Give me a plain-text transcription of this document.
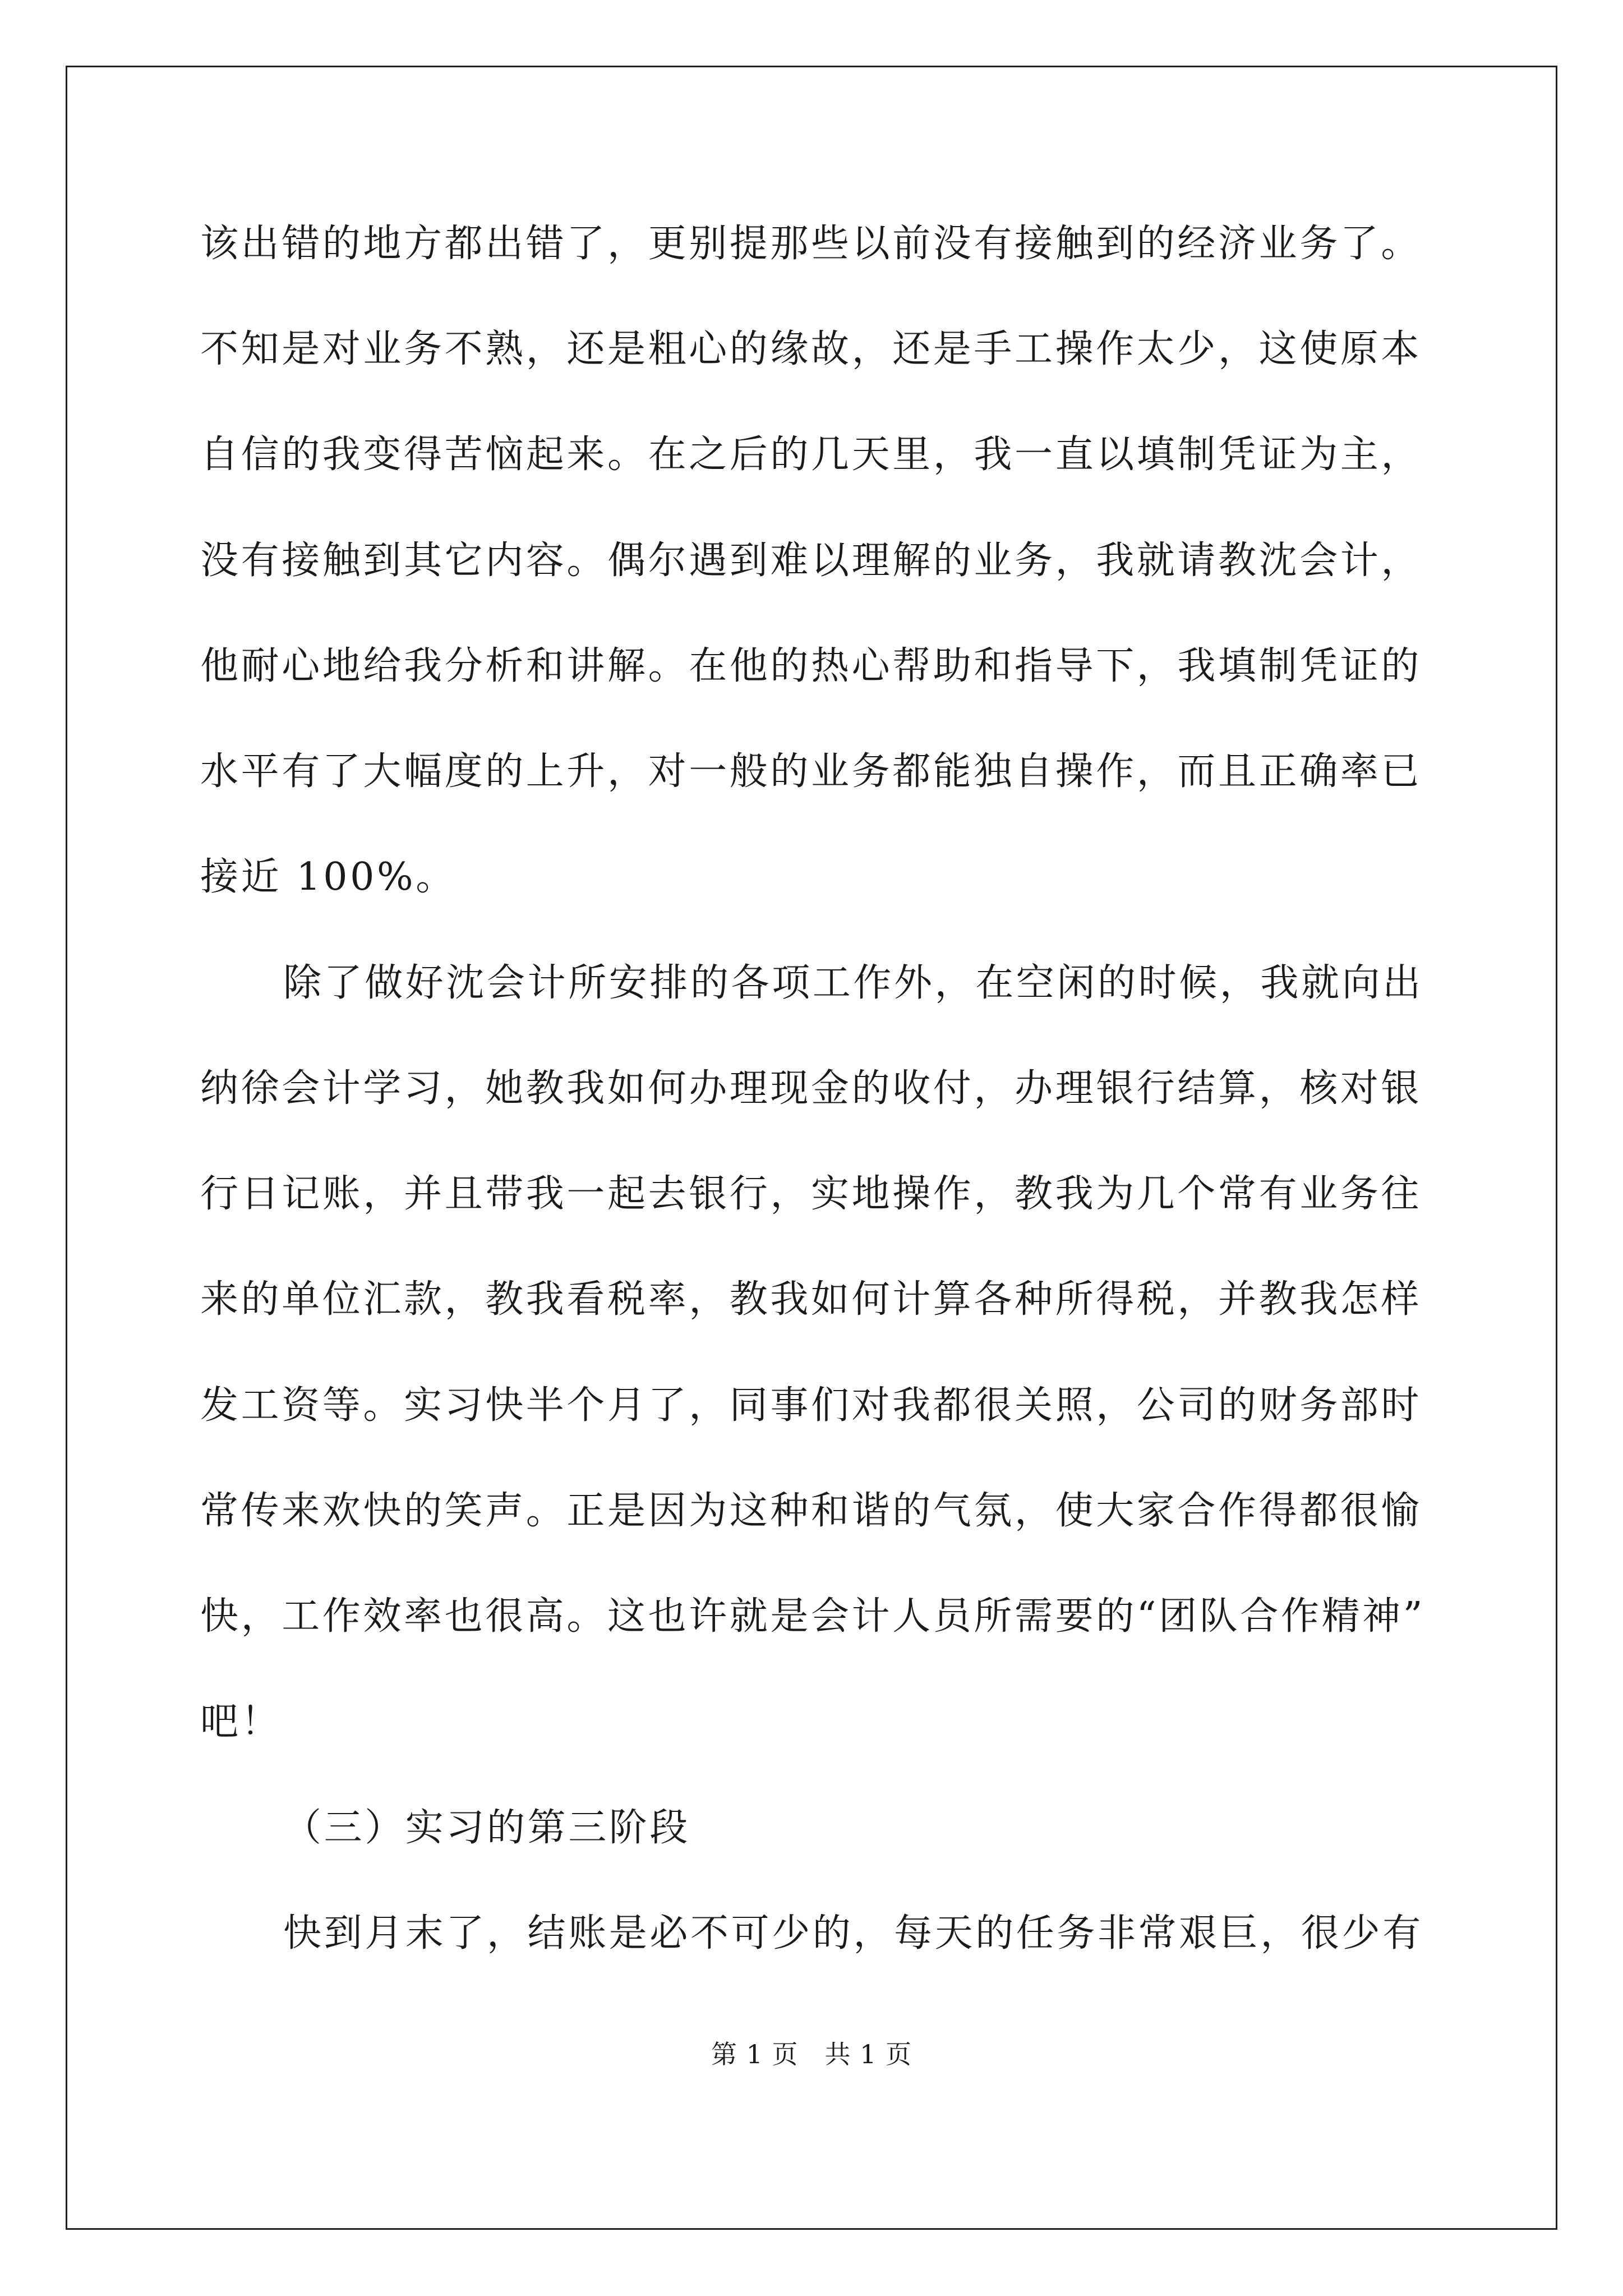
该出错的地方都出错了，更别提那些以前没有接触到的经济业务了。
不知是对业务不熟，还是粗心的缘故，还是手工操作太少，这使原本
自信的我变得苦恼起来。在之后的几天里，我一直以填制凭证为主，
没有接触到其它内容。偶尔遇到难以理解的业务，我就请教沈会计，
他耐心地给我分析和讲解。在他的热心帮助和指导下，我填制凭证的
水平有了大幅度的上升，对一般的业务都能独自操作，而且正确率已
接近 100%。
除了做好沈会计所安排的各项工作外，在空闲的时候，我就向出
纳徐会计学习，她教我如何办理现金的收付，办理银行结算，核对银
行日记账，并且带我一起去银行，实地操作，教我为几个常有业务往
来的单位汇款，教我看税率，教我如何计算各种所得税，并教我怎样
发工资等。实习快半个月了，同事们对我都很关照，公司的财务部时
常传来欢快的笑声。正是因为这种和谐的气氛，使大家合作得都很愉
快，工作效率也很高。这也许就是会计人员所需要的“团队合作精神”
吧！
（三）实习的第三阶段
快到月末了，结账是必不可少的，每天的任务非常艰巨，很少有
第 1 页　共 1 页
